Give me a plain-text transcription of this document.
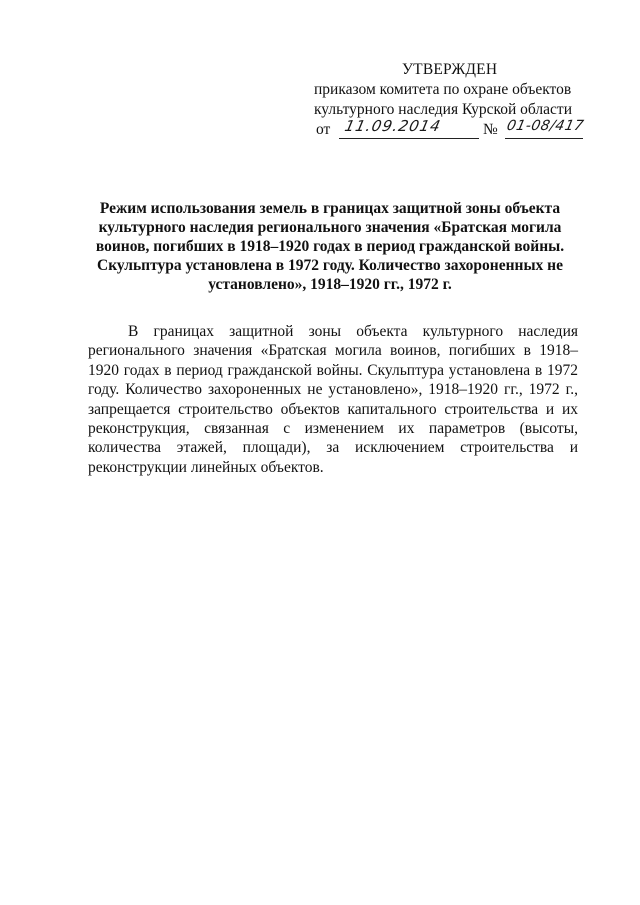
УТВЕРЖДЕН
приказом комитета по охране объектов
культурного наследия Курской области
от 11.09.2014	№ 01-08/417
Режим использования земель в границах защитной зоны объекта культурного наследия регионального значения «Братская могила воинов, погибших в 1918–1920 годах в период гражданской войны. Скульптура установлена в 1972 году. Количество захороненных не установлено», 1918–1920 гг., 1972 г.

В границах защитной зоны объекта культурного наследия регионального значения «Братская могила воинов, погибших в 1918–1920 годах в период гражданской войны. Скульптура установлена в 1972 году. Количество захороненных не установлено», 1918–1920 гг., 1972 г., запрещается строительство объектов капитального строительства и их реконструкция, связанная с изменением их параметров (высоты, количества этажей, площади), за исключением строительства и реконструкции линейных объектов.
